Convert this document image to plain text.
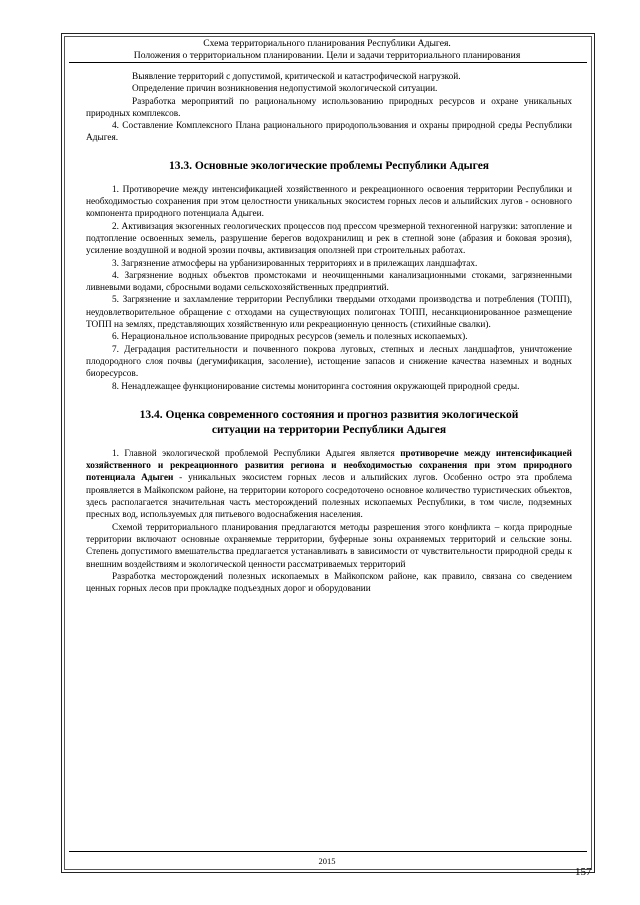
Схема территориального планирования Республики Адыгея.
Положения о территориальном планировании. Цели и задачи территориального планирования

Выявление территорий с допустимой, критической и катастрофической нагрузкой.

Определение причин возникновения недопустимой экологической ситуации.

Разработка мероприятий по рациональному использованию природных ресурсов и охране уникальных природных комплексов.

4. Составление Комплексного Плана рационального природопользования и охраны природной среды Республики Адыгея.

13.3. Основные экологические проблемы Республики Адыгея

1. Противоречие между интенсификацией хозяйственного и рекреационного освоения территории Республики и необходимостью сохранения при этом целостности уникальных экосистем горных лесов и альпийских лугов - основного компонента природного потенциала Адыгеи.

2. Активизация экзогенных геологических процессов под прессом чрезмерной техногенной нагрузки: затопление и подтопление освоенных земель, разрушение берегов водохранилищ и рек в степной зоне (абразия и боковая эрозия), усиление воздушной и водной эрозии почвы, активизация оползней при строительных работах.

3. Загрязнение атмосферы на урбанизированных территориях и в прилежащих ландшафтах.

4. Загрязнение водных объектов промстоками и неочищенными канализационными стоками, загрязненными ливневыми водами, сбросными водами сельскохозяйственных предприятий.

5. Загрязнение и захламление территории Республики твердыми отходами производства и потребления (ТОПП), неудовлетворительное обращение с отходами на существующих полигонах ТОПП, несанкционированное размещение ТОПП на землях, представляющих хозяйственную или рекреационную ценность (стихийные свалки).

6. Нерациональное использование природных ресурсов (земель и полезных ископаемых).

7. Деградация растительности и почвенного покрова луговых, степных и лесных ландшафтов, уничтожение плодородного слоя почвы (дегумификация, засоление), истощение запасов и снижение качества наземных и водных биоресурсов.

8. Ненадлежащее функционирование системы мониторинга состояния окружающей природной среды.

13.4. Оценка современного состояния и прогноз развития экологической
ситуации на территории Республики Адыгея

1. Главной экологической проблемой Республики Адыгея является противоречие между интенсификацией хозяйственного и рекреационного развития региона и необходимостью сохранения при этом природного потенциала Адыгеи - уникальных экосистем горных лесов и альпийских лугов. Особенно остро эта проблема проявляется в Майкопском районе, на территории которого сосредоточено основное количество туристических объектов, здесь располагается значительная часть месторождений полезных ископаемых Республики, в том числе, подземных пресных вод, используемых для питьевого водоснабжения населения.

Схемой территориального планирования предлагаются методы разрешения этого конфликта – когда природные территории включают основные охраняемые территории, буферные зоны охраняемых территорий и сельские зоны. Степень допустимого вмешательства предлагается устанавливать в зависимости от чувствительности природной среды к внешним воздействиям и экологической ценности рассматриваемых территорий

Разработка месторождений полезных ископаемых в Майкопском районе, как правило, связана со сведением ценных горных лесов при прокладке подъездных дорог и оборудовании

2015
157
